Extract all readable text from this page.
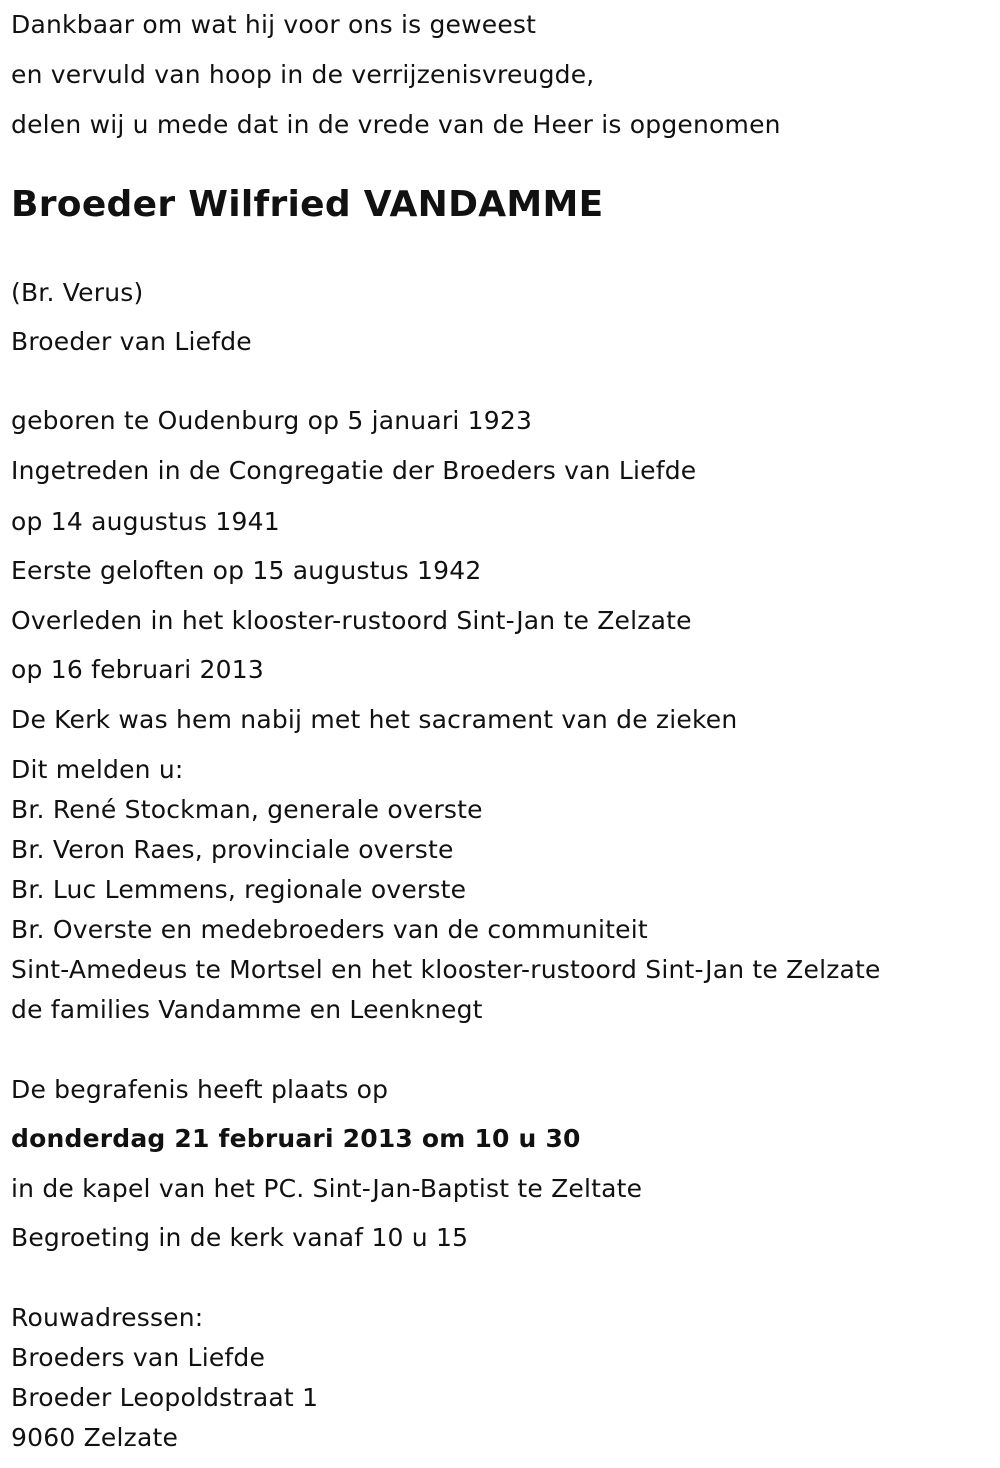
Dankbaar om wat hij voor ons is geweest
en vervuld van hoop in de verrijzenisvreugde,
delen wij u mede dat in de vrede van de Heer is opgenomen
Broeder Wilfried VANDAMME
(Br. Verus)
Broeder van Liefde
geboren te Oudenburg op 5 januari 1923
Ingetreden in de Congregatie der Broeders van Liefde
op 14 augustus 1941
Eerste geloften op 15 augustus 1942
Overleden in het klooster-rustoord Sint-Jan te Zelzate
op 16 februari 2013
De Kerk was hem nabij met het sacrament van de zieken
Dit melden u:
Br. René Stockman, generale overste
Br. Veron Raes, provinciale overste
Br. Luc Lemmens, regionale overste
Br. Overste en medebroeders van de communiteit
Sint-Amedeus te Mortsel en het klooster-rustoord Sint-Jan te Zelzate
de families Vandamme en Leenknegt
De begrafenis heeft plaats op
donderdag 21 februari 2013 om 10 u 30
in de kapel van het PC. Sint-Jan-Baptist te Zeltate
Begroeting in de kerk vanaf 10 u 15
Rouwadressen:
Broeders van Liefde
Broeder Leopoldstraat 1
9060 Zelzate
